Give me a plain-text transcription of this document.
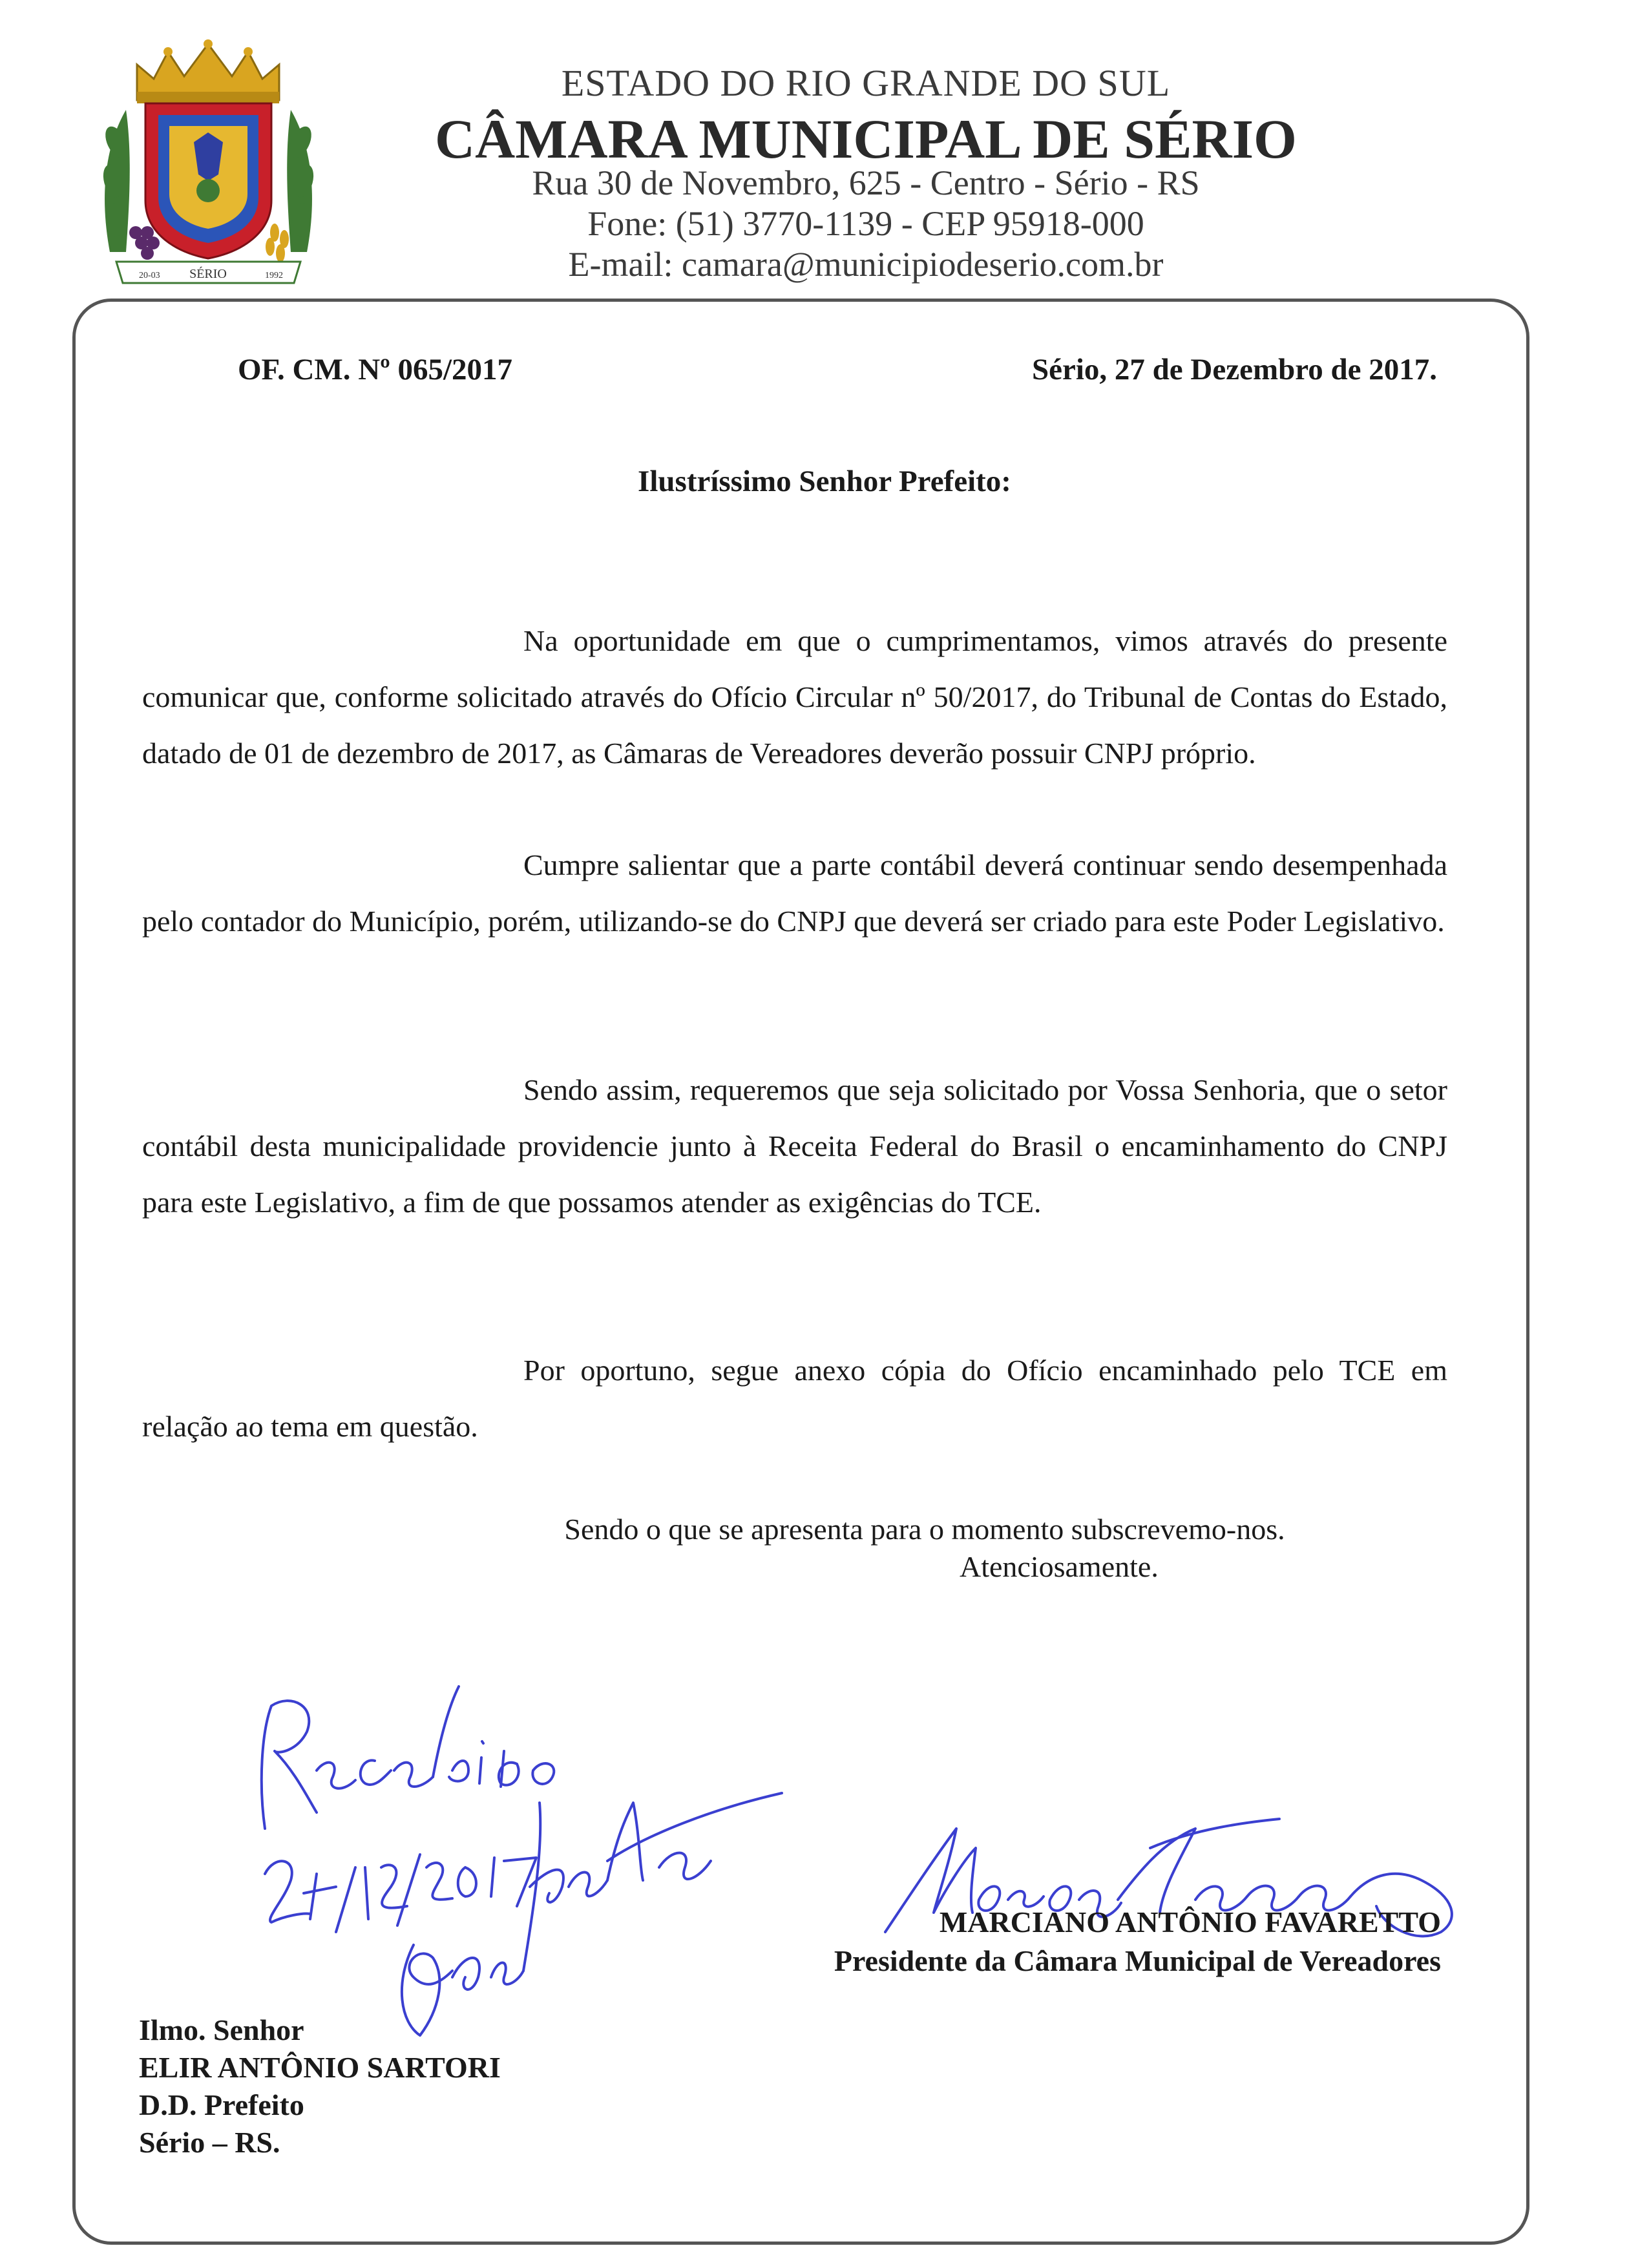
20-03 SÉRIO	1992
ESTADO DO RIO GRANDE DO SUL
CÂMARA MUNICIPAL DE SÉRIO
Rua 30 de Novembro, 625 - Centro - Sério - RS
Fone: (51) 3770-1139 - CEP 95918-000
E-mail: camara@municipiodeserio.com.br
OF. CM. Nº 065/2017	Sério, 27 de Dezembro de 2017.
Ilustríssimo Senhor Prefeito:
Na oportunidade em que o cumprimentamos, vimos através do presente comunicar que, conforme solicitado através do Ofício Circular nº 50/2017, do Tribunal de Contas do Estado, datado de 01 de dezembro de 2017, as Câmaras de Vereadores deverão possuir CNPJ próprio.
Cumpre salientar que a parte contábil deverá continuar sendo desempenhada pelo contador do Município, porém, utilizando-se do CNPJ que deverá ser criado para este Poder Legislativo.
Sendo assim, requeremos que seja solicitado por Vossa Senhoria, que o setor contábil desta municipalidade providencie junto à Receita Federal do Brasil o encaminhamento do CNPJ para este Legislativo, a fim de que possamos atender as exigências do TCE.
Por oportuno, segue anexo cópia do Ofício encaminhado pelo TCE em relação ao tema em questão.
Sendo o que se apresenta para o momento subscrevemo-nos.
Atenciosamente.
MARCIANO ANTÔNIO FAVARETTO
Presidente da Câmara Municipal de Vereadores
Ilmo. Senhor
ELIR ANTÔNIO SARTORI
D.D. Prefeito
Sério – RS.
